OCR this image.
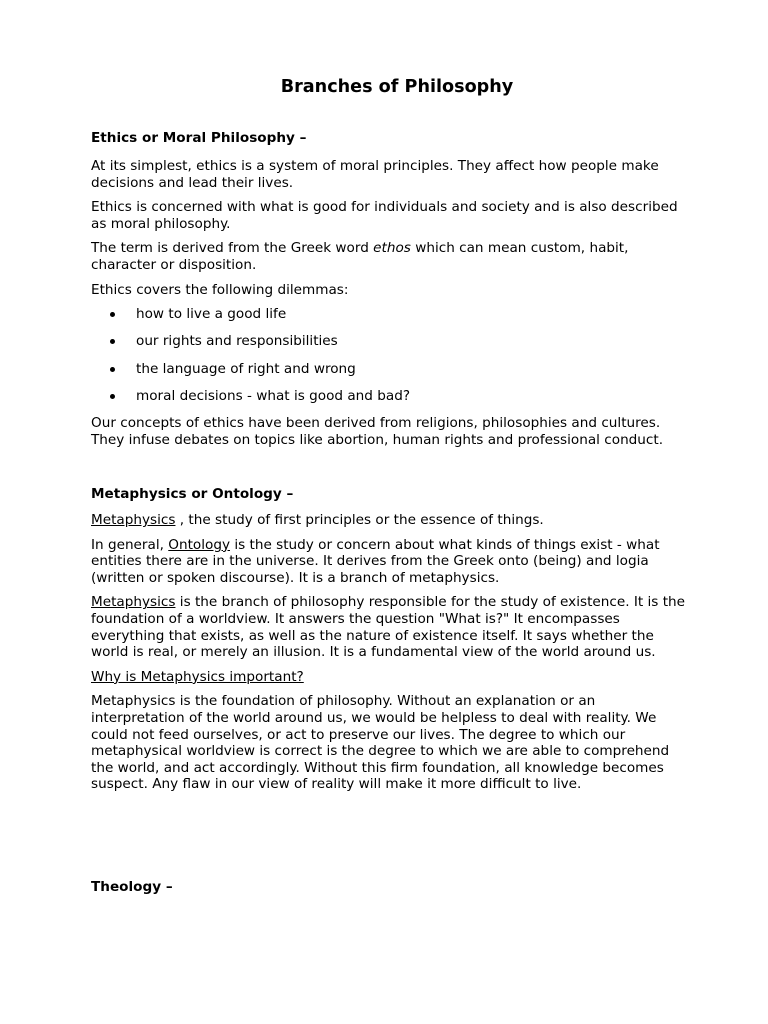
Branches of Philosophy
Ethics or Moral Philosophy –

At its simplest, ethics is a system of moral principles. They affect how people make decisions and lead their lives.

Ethics is concerned with what is good for individuals and society and is also described as moral philosophy.

The term is derived from the Greek word ethos which can mean custom, habit, character or disposition.

Ethics covers the following dilemmas:

how to live a good life
our rights and responsibilities
the language of right and wrong
moral decisions - what is good and bad?

Our concepts of ethics have been derived from religions, philosophies and cultures. They infuse debates on topics like abortion, human rights and professional conduct.

Metaphysics or Ontology –

Metaphysics , the study of first principles or the essence of things.

In general, Ontology is the study or concern about what kinds of things exist - what entities there are in the universe. It derives from the Greek onto (being) and logia (written or spoken discourse). It is a branch of metaphysics.

Metaphysics is the branch of philosophy responsible for the study of existence. It is the foundation of a worldview. It answers the question "What is?" It encompasses everything that exists, as well as the nature of existence itself. It says whether the world is real, or merely an illusion. It is a fundamental view of the world around us.

Why is Metaphysics important?

Metaphysics is the foundation of philosophy. Without an explanation or an interpretation of the world around us, we would be helpless to deal with reality. We could not feed ourselves, or act to preserve our lives. The degree to which our metaphysical worldview is correct is the degree to which we are able to comprehend the world, and act accordingly. Without this firm foundation, all knowledge becomes suspect. Any flaw in our view of reality will make it more difficult to live.

Theology –
